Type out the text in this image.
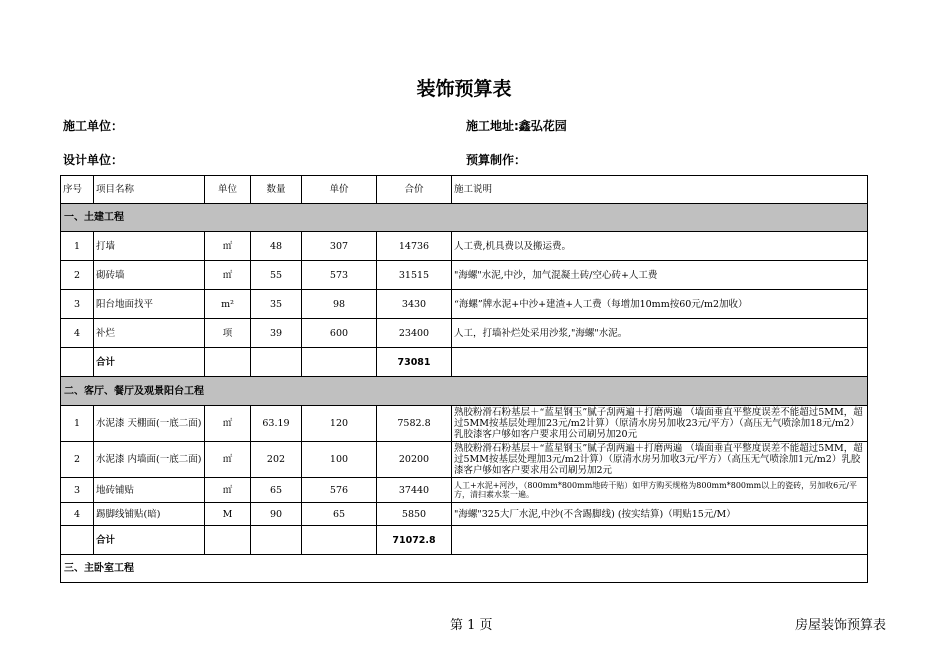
装饰预算表
施工单位：	施工地址:鑫弘花园
设计单位：	预算制作：
序号	项目名称	单位	数量	单价	合价	施工说明
一、土建工程						
1	打墙	㎡	48	307	14736	人工费,机具费以及搬运费。
2	砌砖墙	㎡	55	573	31515	"海螺"水泥,中沙，加气混凝土砖/空心砖+人工费
3	阳台地面找平	m²	35	98	3430	“海螺”牌水泥+中沙+建渣+人工费（每增加10mm按60元/m2加收）
4	补烂	项	39	600	23400	人工，打墙补烂处采用沙浆,"海螺"水泥。
	合计				73081	
二、客厅、餐厅及观景阳台工程						
1	水泥漆 天棚面(一底二面)	㎡	63.19	120	7582.8	熟胶粉滑石粉基层＋“蓝星钢玉”腻子刮两遍＋打磨两遍 （墙面垂直平整度误差不能超过5MM，超过5MM按基层处理加23元/m2计算）（原清水房另加收23元/平方）（高压无气喷涂加18元/m2）乳胶漆客户够如客户要求用公司刷另加20元
2	水泥漆 内墙面(一底二面)	㎡	202	100	20200	熟胶粉滑石粉基层＋“蓝星钢玉”腻子刮两遍＋打磨两遍 （墙面垂直平整度误差不能超过5MM，超过5MM按基层处理加3元/m2计算）（原清水房另加收3元/平方）（高压无气喷涂加1元/m2）乳胶漆客户够如客户要求用公司刷另加2元
3	地砖铺贴	㎡	65	576	37440	人工+水泥+河沙，（800mm*800mm地砖干贴）如甲方购买规格为800mm*800mm以上的瓷砖，另加收6元/平方，清扫素水浆一遍。
4	踢脚线铺贴(暗)	M	90	65	5850	"海螺"325大厂水泥,中沙(不含踢脚线) (按实结算)（明贴15元/M）
	合计				71072.8	
三、主卧室工程						
第 1 页	房屋装饰预算表
